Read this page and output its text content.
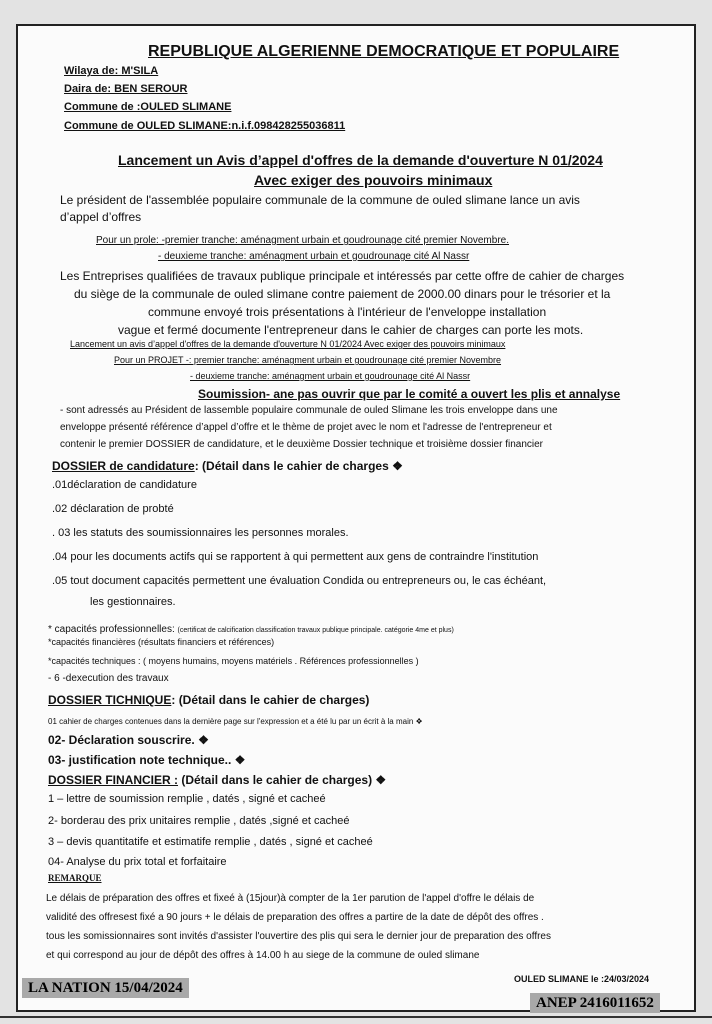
REPUBLIQUE ALGERIENNE DEMOCRATIQUE ET POPULAIRE
Wilaya de: M'SILA
Daira de: BEN SEROUR
Commune de :OULED SLIMANE
Commune de OULED SLIMANE:n.i.f.098428255036811
Lancement un Avis d’appel d'offres de la demande d'ouverture N 01/2024
Avec exiger des pouvoirs minimaux
Le président de l'assemblée populaire communale de la commune de ouled slimane lance un avis
d’appel d’offres
Pour un prole: -premier tranche: aménagment urbain et goudrounage cité premier Novembre.
- deuxieme tranche: aménagment urbain et goudrounage cité Al Nassr
Les Entreprises qualifiées de travaux publique principale et intéressés par cette offre de cahier de charges
du siège de la communale de ouled slimane contre paiement de 2000.00 dinars pour le trésorier et la
commune envoyé trois présentations à l'intérieur de l'enveloppe installation
vague et fermé documente l'entrepreneur dans le cahier de charges can porte les mots.
Lancement un avis d’appel d'offres de la demande d'ouverture N 01/2024 Avec exiger des pouvoirs minimaux
Pour un PROJET -: premier tranche: aménagment urbain et goudrounage cité premier Novembre
- deuxieme tranche: aménagment urbain et goudrounage cité Al Nassr
Soumission- ane pas ouvrir que par le comité a ouvert les plis et annalyse
- sont adressés au Président de lassemble populaire communale de ouled Slimane les trois enveloppe dans une
enveloppe présenté référence d’appel d’offre et le thème de projet avec le nom et l'adresse de l'entrepreneur et
contenir le premier DOSSIER de candidature, et le deuxième Dossier technique et troisième dossier financier
DOSSIER de candidature: (Détail dans le cahier de charges ❖
.01déclaration de candidature
.02 déclaration de probté
. 03 les statuts des soumissionnaires les personnes morales.
.04 pour les documents actifs qui se rapportent à qui permettent aux gens de contraindre l'institution
.05 tout document capacités permettent une évaluation Condida ou entrepreneurs ou, le cas échéant,
les gestionnaires.
* capacités professionnelles: (certificat de calcification classification travaux publique principale. catégorie 4me et plus)
*capacités financières (résultats financiers et références)
*capacités techniques : ( moyens humains, moyens matériels . Références professionnelles )
- 6 -dexecution des travaux
DOSSIER TICHNIQUE: (Détail dans le cahier de charges)
01 cahier de charges contenues dans la dernière page sur l'expression et a été lu par un écrit à la main ❖
02- Déclaration souscrire. ❖
03- justification note technique.. ❖
DOSSIER FINANCIER : (Détail dans le cahier de charges) ❖
1 – lettre de soumission remplie , datés , signé et cacheé
2- borderau des prix unitaires remplie , datés ,signé et cacheé
3 – devis quantitatife et estimatife remplie , datés , signé et cacheé
04- Analyse du prix total et forfaitaire
REMARQUE
Le délais de préparation des offres et fixeé à (15jour)à compter de la 1er parution de l'appel d'offre le délais de
validité des offresest fixé a 90 jours + le délais de preparation des offres a partire de la date de dépôt des offres .
tous les somissionnaires sont invités d'assister l'ouvertire des plis qui sera le dernier jour de preparation des offres
et qui correspond au jour de dépôt des offres à 14.00 h au siege de la commune de ouled slimane
OULED SLIMANE le :24/03/2024
LA NATION 15/04/2024
ANEP 2416011652
